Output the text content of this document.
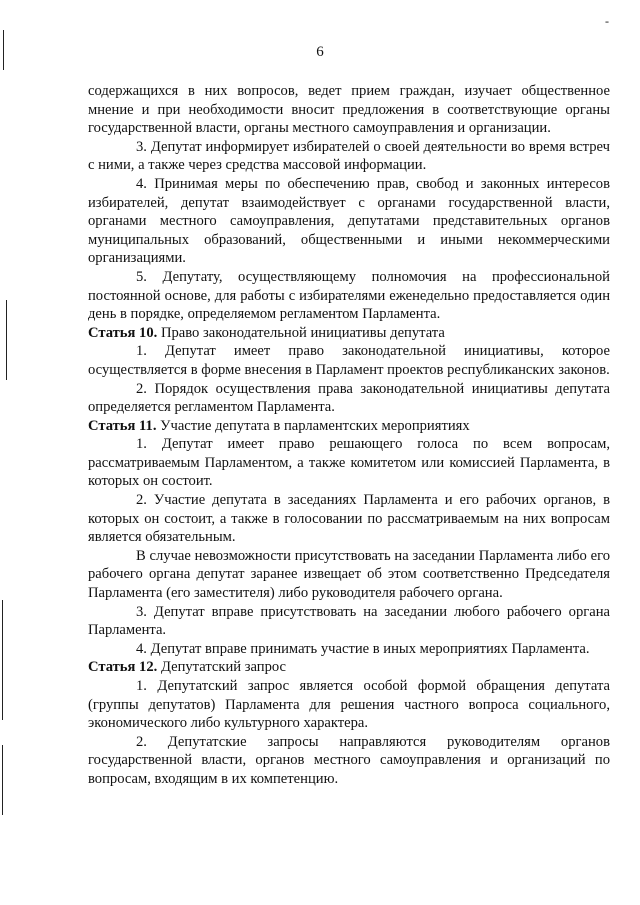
-
6

содержащихся в них вопросов, ведет прием граждан, изучает общественное мнение и при необходимости вносит предложения в соответствующие органы государственной власти, органы местного самоуправления и организации.

3. Депутат информирует избирателей о своей деятельности во время встреч с ними, а также через средства массовой информации.

4. Принимая меры по обеспечению прав, свобод и законных интересов избирателей, депутат взаимодействует с органами государственной власти, органами местного самоуправления, депутатами представительных органов муниципальных образований, общественными и иными некоммерческими организациями.

5. Депутату, осуществляющему полномочия на профессиональной постоянной основе, для работы с избирателями еженедельно предоставляется один день в порядке, определяемом регламентом Парламента.

Статья 10. Право законодательной инициативы депутата

1. Депутат имеет право законодательной инициативы, которое осуществляется в форме внесения в Парламент проектов республиканских законов.

2. Порядок осуществления права законодательной инициативы депутата определяется регламентом Парламента.

Статья 11. Участие депутата в парламентских мероприятиях

1. Депутат имеет право решающего голоса по всем вопросам, рассматриваемым Парламентом, а также комитетом или комиссией Парламента, в которых он состоит.

2. Участие депутата в заседаниях Парламента и его рабочих органов, в которых он состоит, а также в голосовании по рассматриваемым на них вопросам является обязательным.

В случае невозможности присутствовать на заседании Парламента либо его рабочего органа депутат заранее извещает об этом соответственно Председателя Парламента (его заместителя) либо руководителя рабочего органа.

3. Депутат вправе присутствовать на заседании любого рабочего органа Парламента.

4. Депутат вправе принимать участие в иных мероприятиях Парламента.

Статья 12. Депутатский запрос

1. Депутатский запрос является особой формой обращения депутата (группы депутатов) Парламента для решения частного вопроса социального, экономического либо культурного характера.

2. Депутатские запросы направляются руководителям органов государственной власти, органов местного самоуправления и организаций по вопросам, входящим в их компетенцию.
